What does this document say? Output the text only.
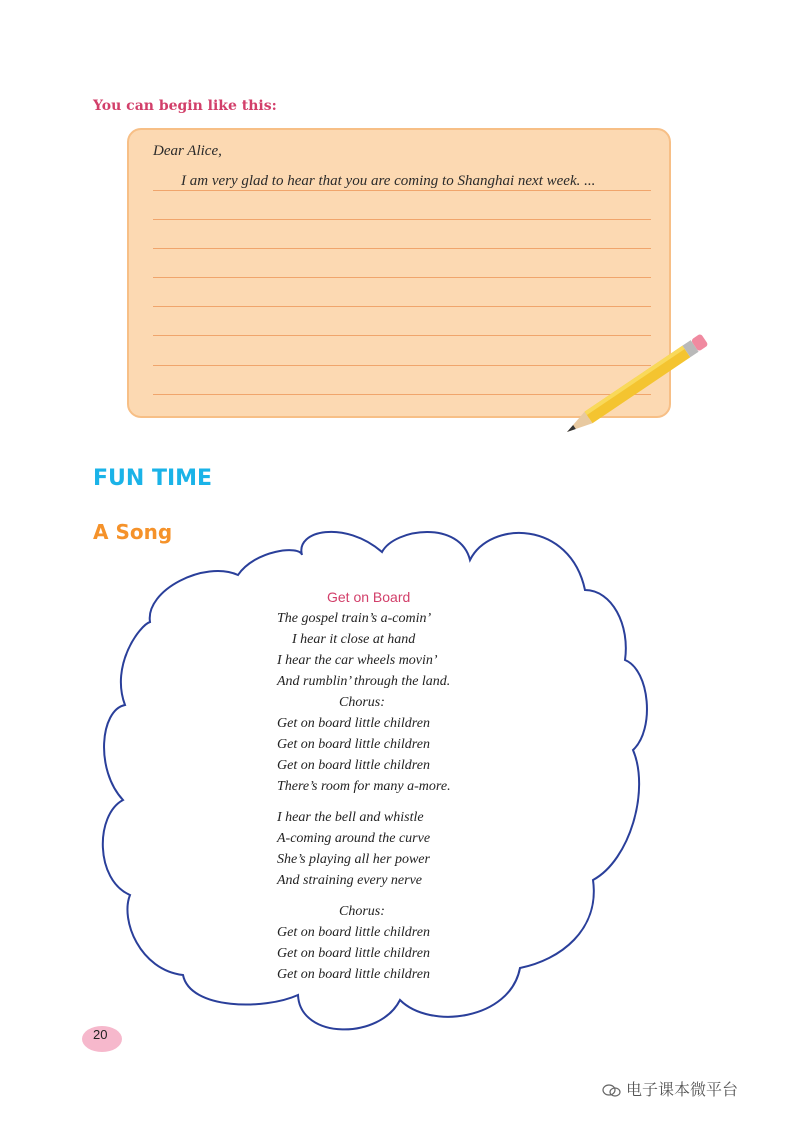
You can begin like this:
Dear Alice,
I am very glad to hear that you are coming to Shanghai next week. ...
FUN TIME
A Song
Get on Board
The gospel train’s a-comin’
I hear it close at hand
I hear the car wheels movin’
And rumblin’ through the land.
Chorus:
Get on board little children
Get on board little children
Get on board little children
There’s room for many a-more.
I hear the bell and whistle
A-coming around the curve
She’s playing all her power
And straining every nerve
Chorus:
Get on board little children
Get on board little children
Get on board little children
20
电子课本微平台
